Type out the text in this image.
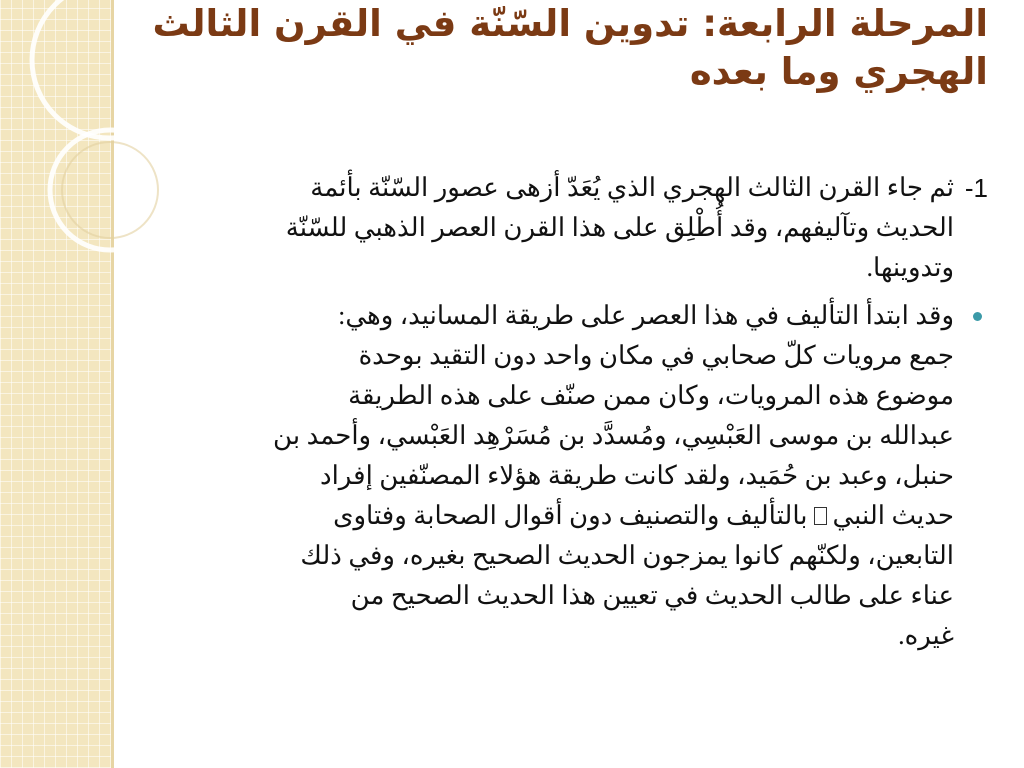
المرحلة الرابعة: تدوين السّنّة في القرن الثالث
الهجري وما بعده
1-
ثم جاء القرن الثالث الهجري الذي يُعَدّ أزهى عصور السّنّة بأئمة
الحديث وتآليفهم، وقد أُطْلِق على هذا القرن العصر الذهبي للسّنّة
وتدوينها.
وقد ابتدأ التأليف في هذا العصر على طريقة المسانيد، وهي:
جمع مرويات كلّ صحابي في مكان واحد دون التقيد بوحدة
موضوع هذه المرويات، وكان ممن صنّف على هذه الطريقة
عبدالله بن موسى العَبْسِي، ومُسدَّد بن مُسَرْهِد العَبْسي، وأحمد بن
حنبل، وعبد بن حُمَيد، ولقد كانت طريقة هؤلاء المصنّفين إفراد
حديث النبيبالتأليف والتصنيف دون أقوال الصحابة وفتاوى
التابعين، ولكنّهم كانوا يمزجون الحديث الصحيح بغيره، وفي ذلك
عناء على طالب الحديث في تعيين هذا الحديث الصحيح من
غيره.
